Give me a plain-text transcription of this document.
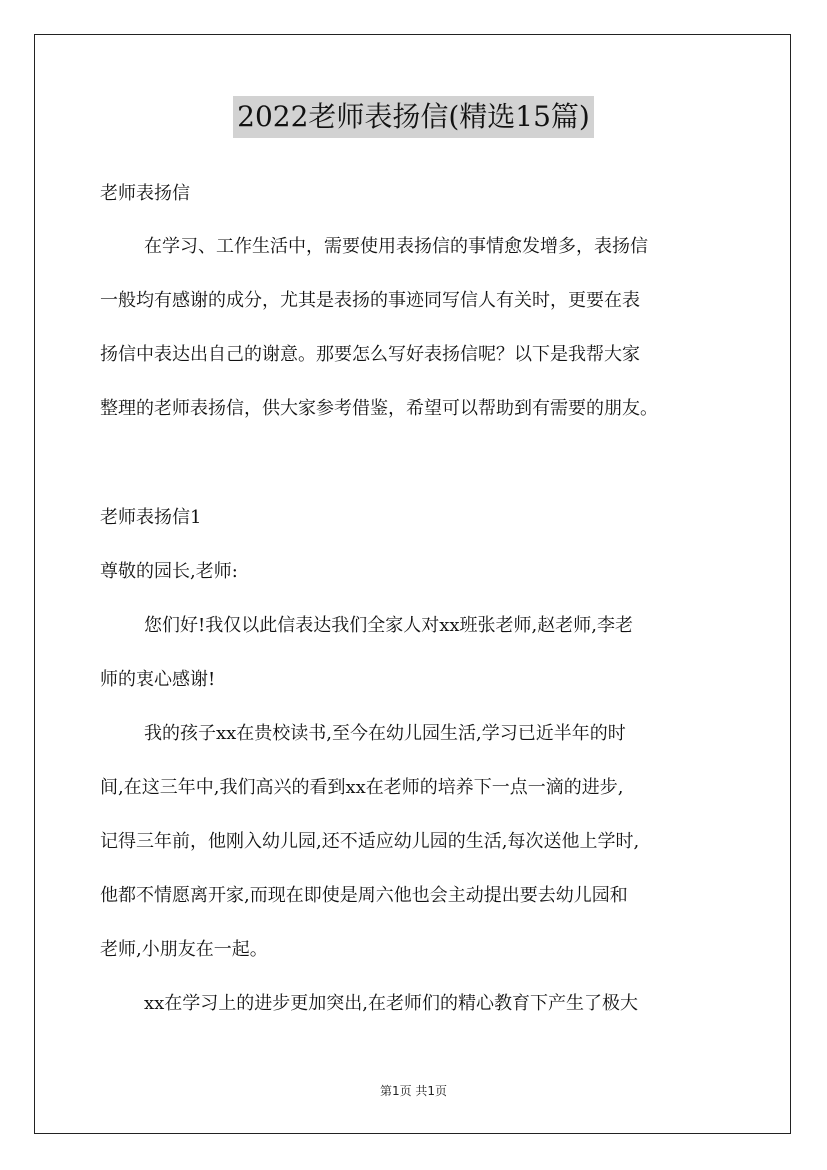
2022老师表扬信(精选15篇)
老师表扬信
在学习、工作生活中，需要使用表扬信的事情愈发增多，表扬信
一般均有感谢的成分，尤其是表扬的事迹同写信人有关时，更要在表
扬信中表达出自己的谢意。那要怎么写好表扬信呢？以下是我帮大家
整理的老师表扬信，供大家参考借鉴，希望可以帮助到有需要的朋友。
老师表扬信1
尊敬的园长,老师:
您们好!我仅以此信表达我们全家人对xx班张老师,赵老师,李老
师的衷心感谢!
我的孩子xx在贵校读书,至今在幼儿园生活,学习已近半年的时
间,在这三年中,我们高兴的看到xx在老师的培养下一点一滴的进步,
记得三年前，他刚入幼儿园,还不适应幼儿园的生活,每次送他上学时,
他都不情愿离开家,而现在即使是周六他也会主动提出要去幼儿园和
老师,小朋友在一起。
xx在学习上的进步更加突出,在老师们的精心教育下产生了极大
第1页 共1页
